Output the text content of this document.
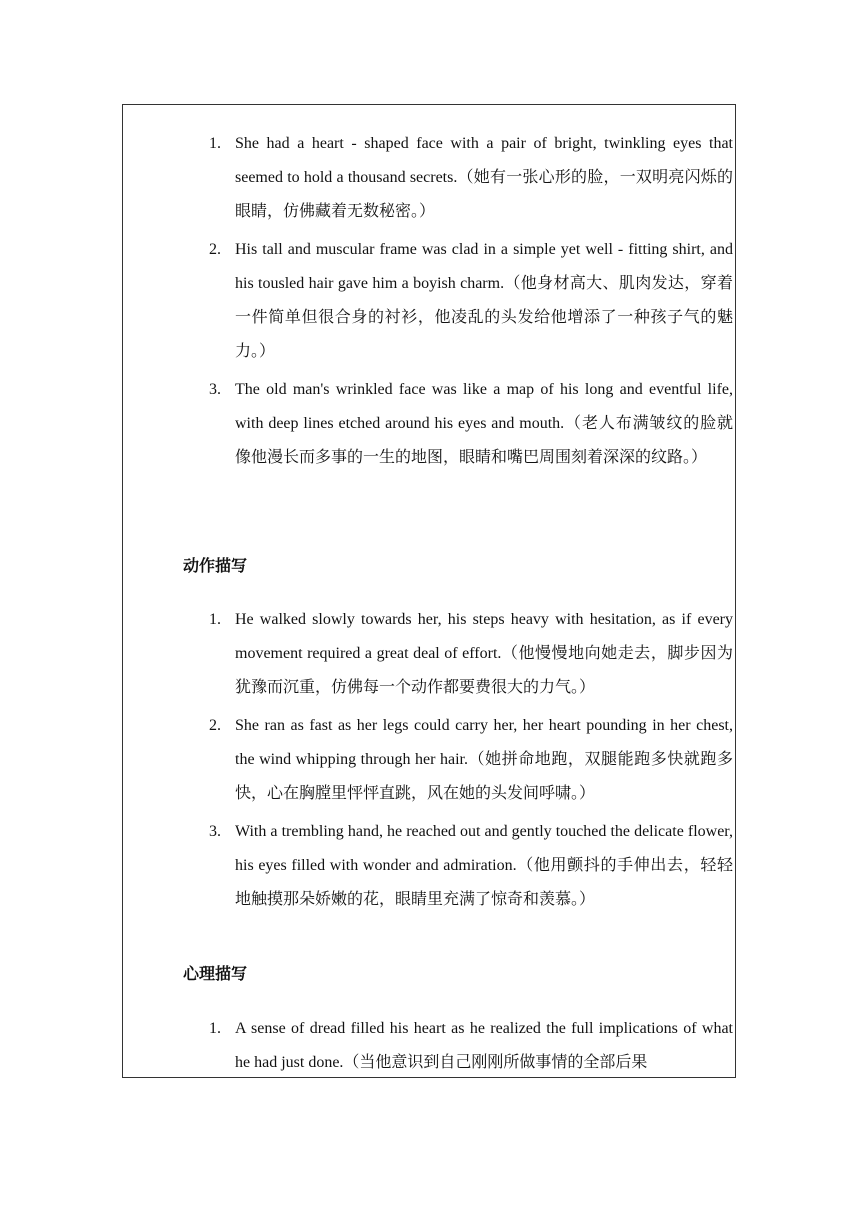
1. She had a heart - shaped face with a pair of bright, twinkling eyes that seemed to hold a thousand secrets.（她有一张心形的脸，一双明亮闪烁的眼睛，仿佛藏着无数秘密。）
2. His tall and muscular frame was clad in a simple yet well - fitting shirt, and his tousled hair gave him a boyish charm.（他身材高大、肌肉发达，穿着一件简单但很合身的衬衫，他凌乱的头发给他增添了一种孩子气的魅力。）
3. The old man's wrinkled face was like a map of his long and eventful life, with deep lines etched around his eyes and mouth.（老人布满皱纹的脸就像他漫长而多事的一生的地图，眼睛和嘴巴周围刻着深深的纹路。）
动作描写
1. He walked slowly towards her, his steps heavy with hesitation, as if every movement required a great deal of effort.（他慢慢地向她走去，脚步因为犹豫而沉重，仿佛每一个动作都要费很大的力气。）
2. She ran as fast as her legs could carry her, her heart pounding in her chest, the wind whipping through her hair.（她拼命地跑，双腿能跑多快就跑多快，心在胸膛里怦怦直跳，风在她的头发间呼啸。）
3. With a trembling hand, he reached out and gently touched the delicate flower, his eyes filled with wonder and admiration.（他用颤抖的手伸出去，轻轻地触摸那朵娇嫩的花，眼睛里充满了惊奇和羡慕。）
心理描写
1. A sense of dread filled his heart as he realized the full implications of what he had just done.（当他意识到自己刚刚所做事情的全部后果
